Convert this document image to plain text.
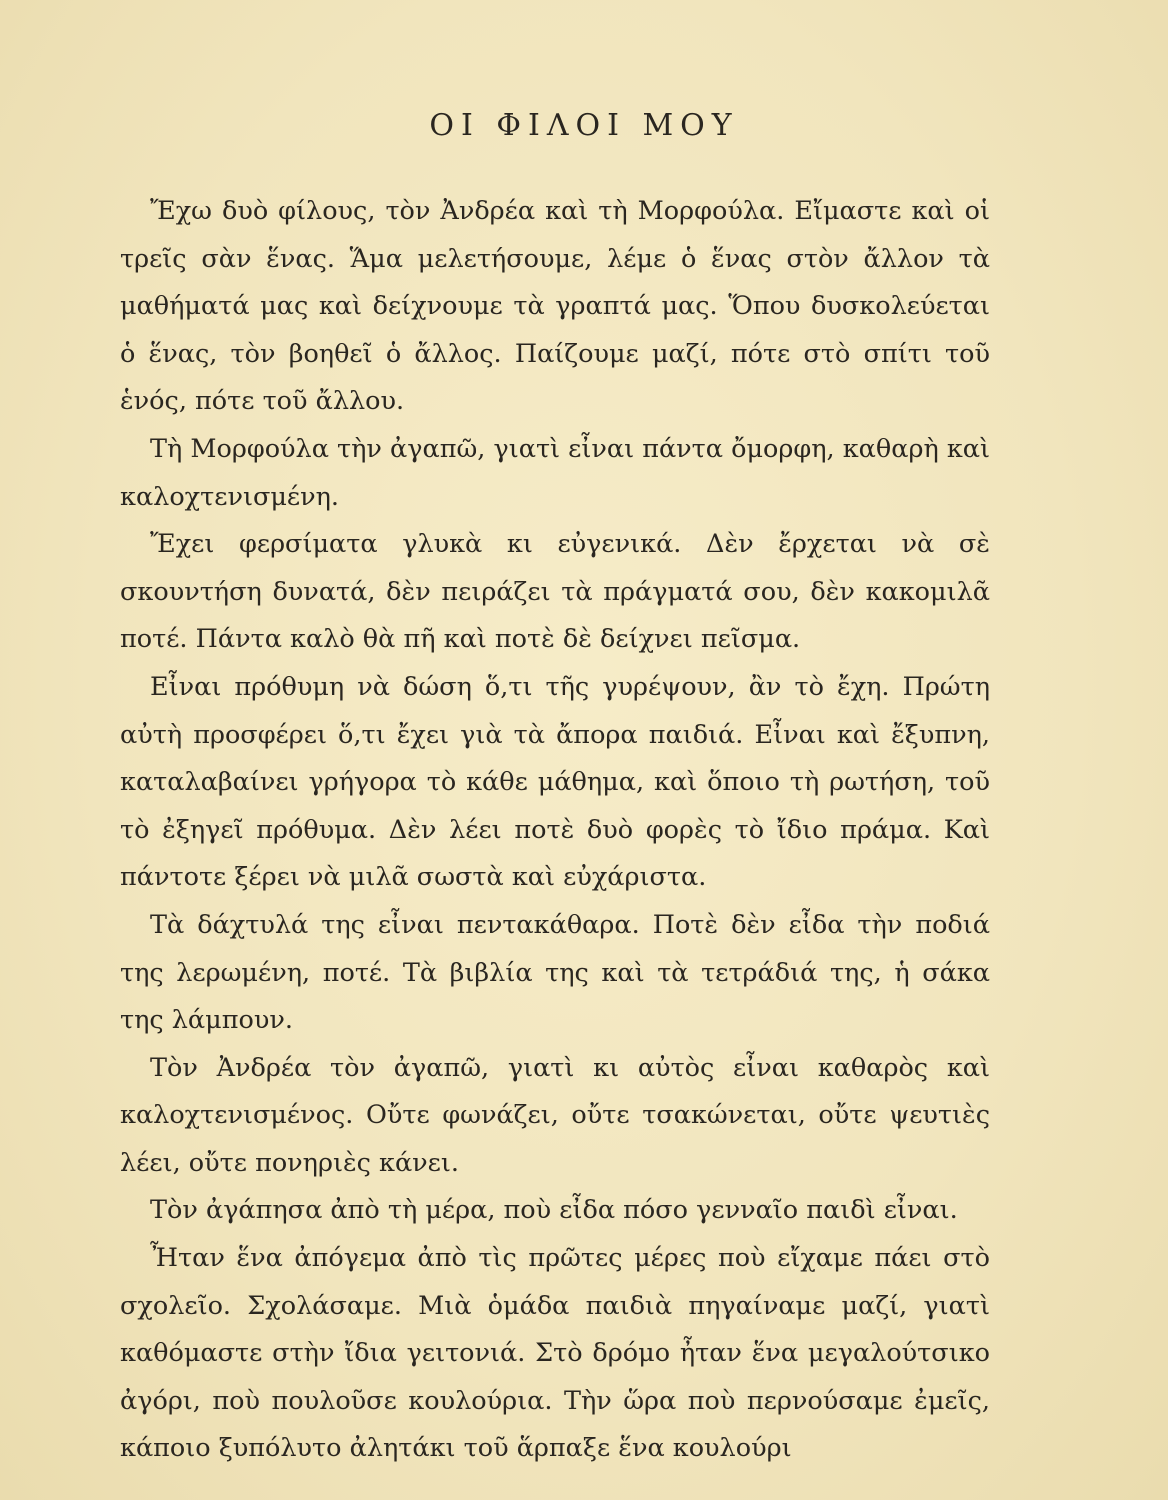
ΟΙ ΦΙΛΟΙ ΜΟΥ

Ἔχω δυὸ φίλους, τὸν Ἀνδρέα καὶ τὴ Μορφούλα. Εἴμαστε καὶ οἱ τρεῖς σὰν ἕνας. Ἅμα μελετήσουμε, λέμε ὁ ἕνας στὸν ἄλλον τὰ μαθήματά μας καὶ δείχνουμε τὰ γραπτά μας. Ὅπου δυσκολεύεται ὁ ἕνας, τὸν βοηθεῖ ὁ ἄλλος. Παίζουμε μαζί, πότε στὸ σπίτι τοῦ ἑνός, πότε τοῦ ἄλλου.

Τὴ Μορφούλα τὴν ἀγαπῶ, γιατὶ εἶναι πάντα ὄμορφη, καθαρὴ καὶ καλοχτενισμένη.

Ἔχει φερσίματα γλυκὰ κι εὐγενικά. Δὲν ἔρχεται νὰ σὲ σκουντήση δυνατά, δὲν πειράζει τὰ πράγματά σου, δὲν κακομιλᾶ ποτέ. Πάντα καλὸ θὰ πῆ καὶ ποτὲ δὲ δείχνει πεῖσμα.

Εἶναι πρόθυμη νὰ δώση ὅ,τι τῆς γυρέψουν, ἂν τὸ ἔχη. Πρώτη αὐτὴ προσφέρει ὅ,τι ἔχει γιὰ τὰ ἄπορα παιδιά. Εἶναι καὶ ἔξυπνη, καταλαβαίνει γρήγορα τὸ κάθε μάθημα, καὶ ὅποιο τὴ ρωτήση, τοῦ τὸ ἐξηγεῖ πρόθυμα. Δὲν λέει ποτὲ δυὸ φορὲς τὸ ἴδιο πράμα. Καὶ πάντοτε ξέρει νὰ μιλᾶ σωστὰ καὶ εὐχάριστα.

Τὰ δάχτυλά της εἶναι πεντακάθαρα. Ποτὲ δὲν εἶδα τὴν ποδιά της λερωμένη, ποτέ. Τὰ βιβλία της καὶ τὰ τετράδιά της, ἡ σάκα της λάμπουν.

Τὸν Ἀνδρέα τὸν ἀγαπῶ, γιατὶ κι αὐτὸς εἶναι καθαρὸς καὶ καλοχτενισμένος. Οὔτε φωνάζει, οὔτε τσακώνεται, οὔτε ψευτιὲς λέει, οὔτε πονηριὲς κάνει.

Τὸν ἀγάπησα ἀπὸ τὴ μέρα, ποὺ εἶδα πόσο γενναῖο παιδὶ εἶναι.

Ἦταν ἕνα ἀπόγεμα ἀπὸ τὶς πρῶτες μέρες ποὺ εἴχαμε πάει στὸ σχολεῖο. Σχολάσαμε. Μιὰ ὁμάδα παιδιὰ πηγαίναμε μαζί, γιατὶ καθόμαστε στὴν ἴδια γειτονιά. Στὸ δρόμο ἦταν ἕνα μεγαλούτσικο ἀγόρι, ποὺ πουλοῦσε κουλούρια. Τὴν ὥρα ποὺ περνούσαμε ἐμεῖς, κάποιο ξυπόλυτο ἀλητάκι τοῦ ἅρπαξε ἕνα κουλούρι
